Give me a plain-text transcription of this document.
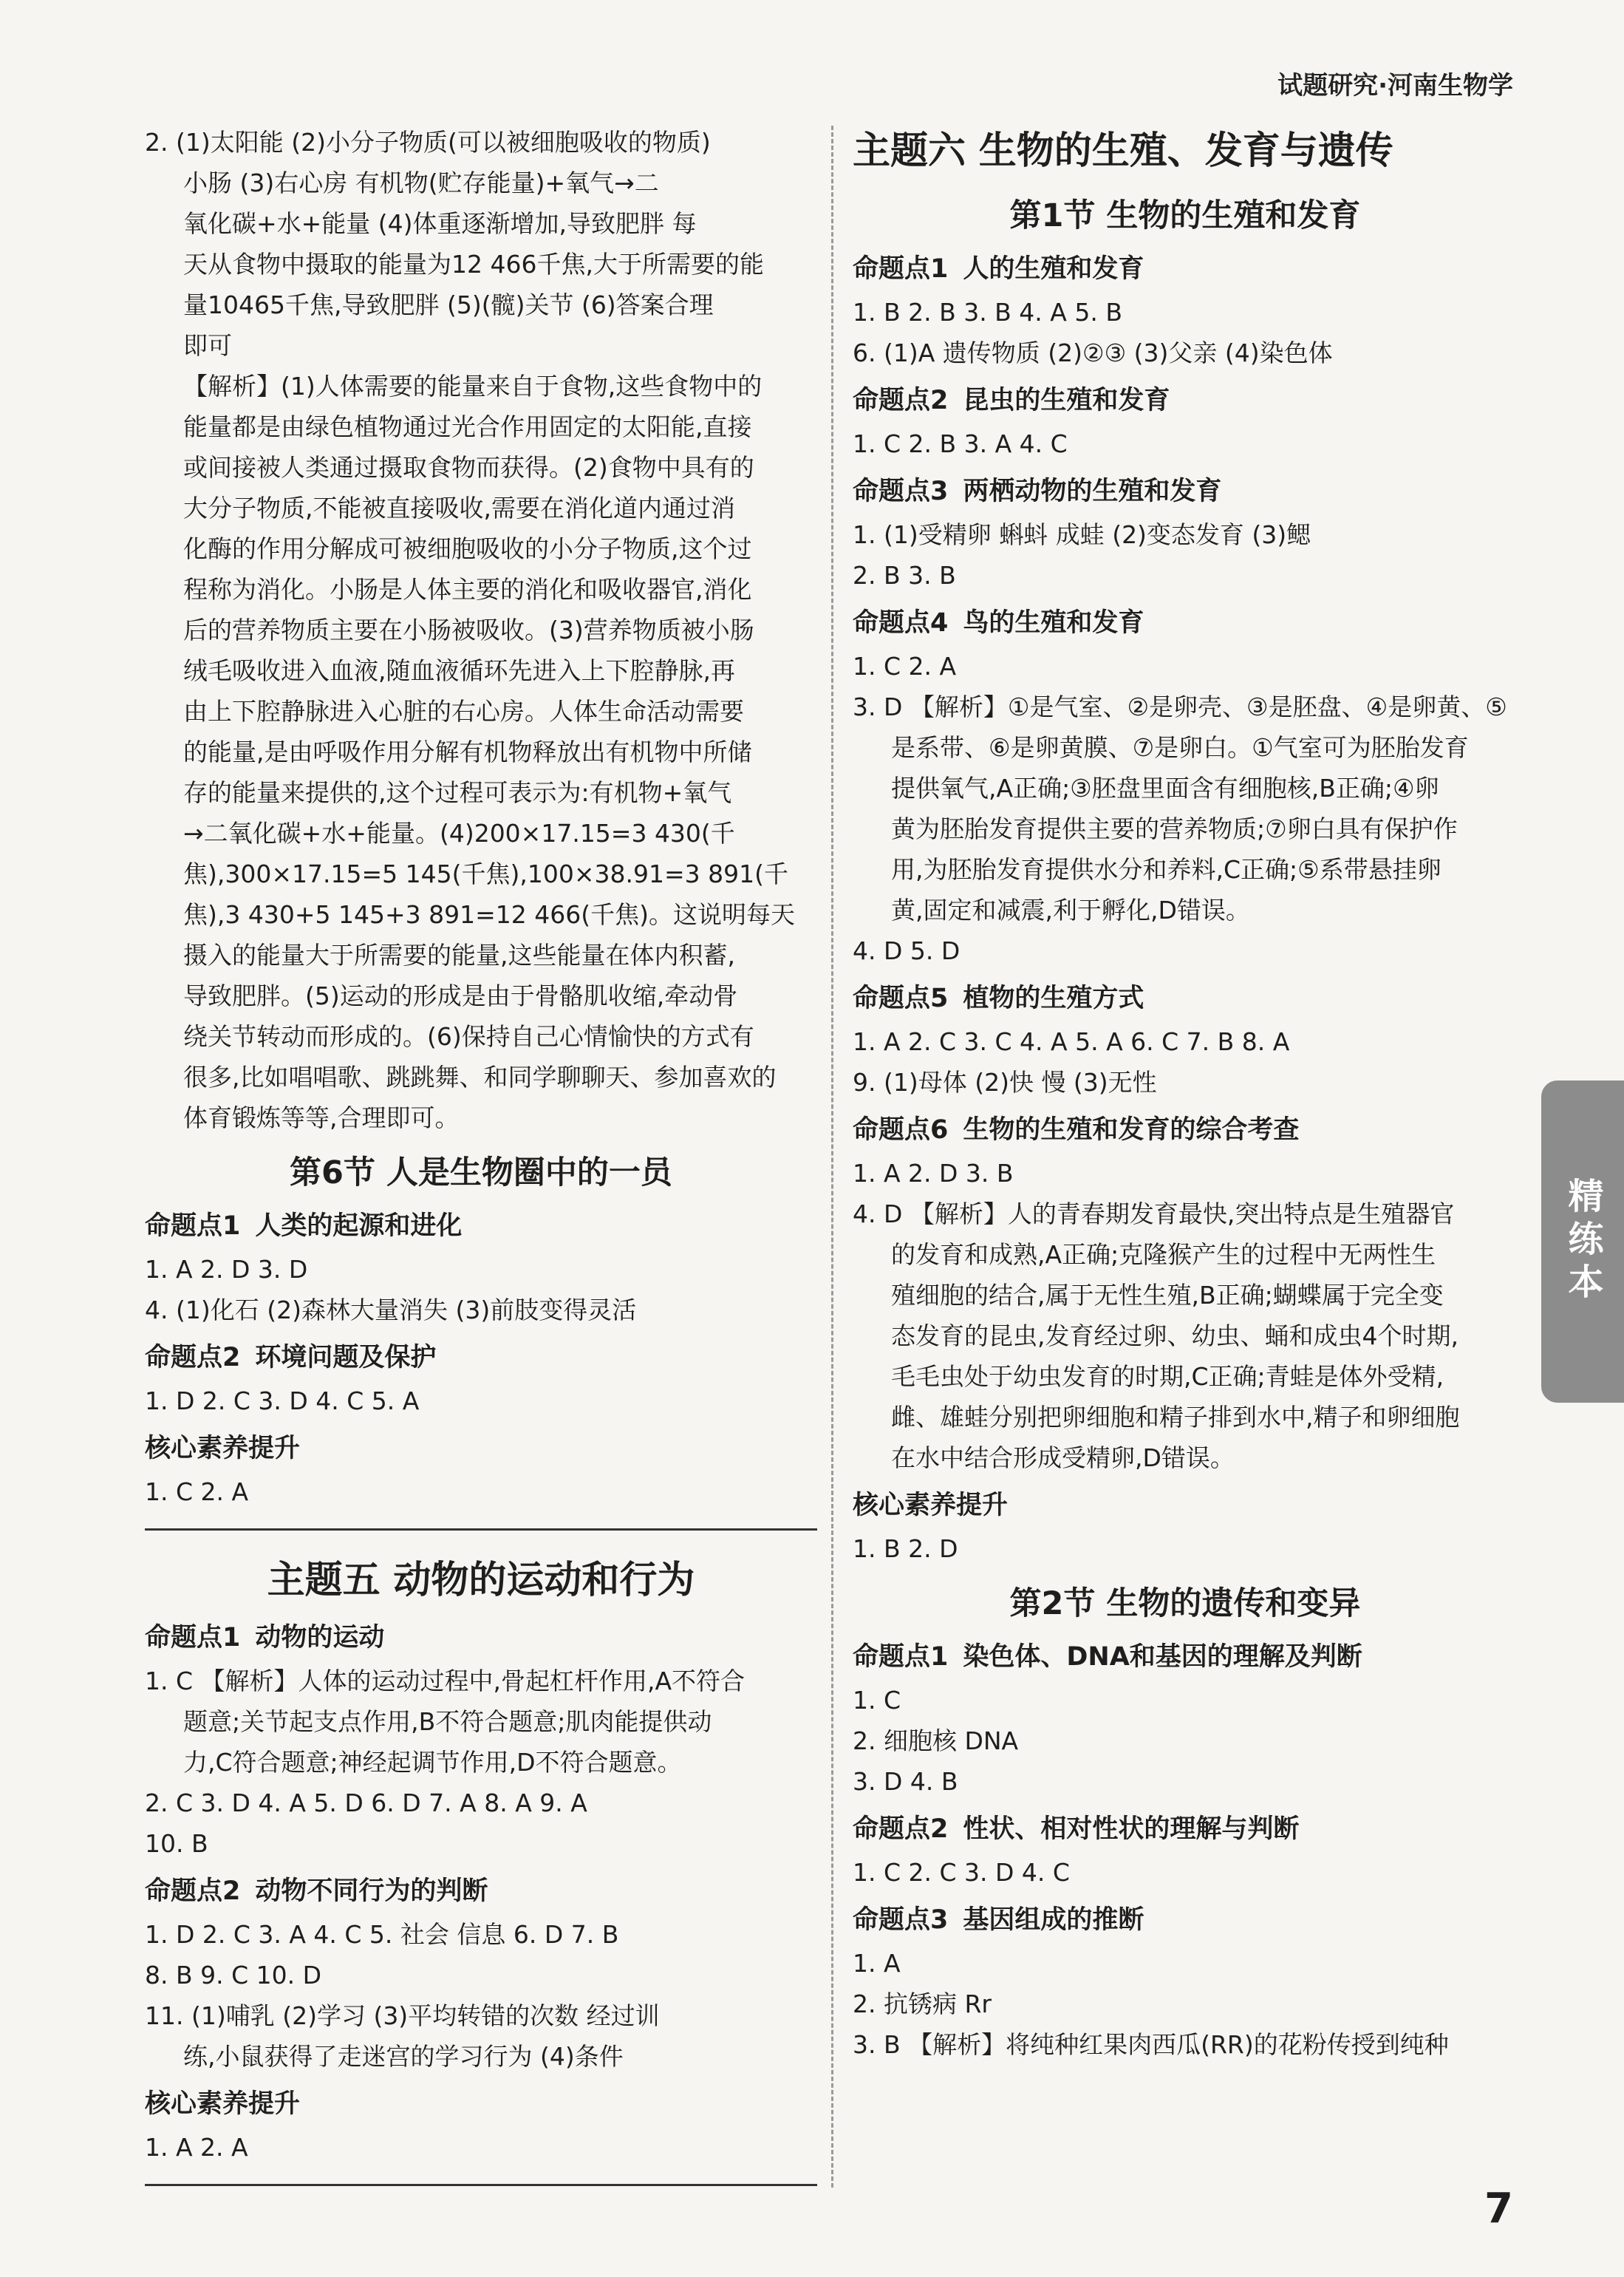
试题研究·河南生物学
2. (1)太阳能 (2)小分子物质(可以被细胞吸收的物质)
小肠 (3)右心房 有机物(贮存能量)+氧气→二
氧化碳+水+能量 (4)体重逐渐增加,导致肥胖 每
天从食物中摄取的能量为12 466千焦,大于所需要的能
量10465千焦,导致肥胖 (5)(髋)关节 (6)答案合理
即可
【解析】(1)人体需要的能量来自于食物,这些食物中的
能量都是由绿色植物通过光合作用固定的太阳能,直接
或间接被人类通过摄取食物而获得。(2)食物中具有的
大分子物质,不能被直接吸收,需要在消化道内通过消
化酶的作用分解成可被细胞吸收的小分子物质,这个过
程称为消化。小肠是人体主要的消化和吸收器官,消化
后的营养物质主要在小肠被吸收。(3)营养物质被小肠
绒毛吸收进入血液,随血液循环先进入上下腔静脉,再
由上下腔静脉进入心脏的右心房。人体生命活动需要
的能量,是由呼吸作用分解有机物释放出有机物中所储
存的能量来提供的,这个过程可表示为:有机物+氧气
→二氧化碳+水+能量。(4)200×17.15=3 430(千
焦),300×17.15=5 145(千焦),100×38.91=3 891(千
焦),3 430+5 145+3 891=12 466(千焦)。这说明每天
摄入的能量大于所需要的能量,这些能量在体内积蓄,
导致肥胖。(5)运动的形成是由于骨骼肌收缩,牵动骨
绕关节转动而形成的。(6)保持自己心情愉快的方式有
很多,比如唱唱歌、跳跳舞、和同学聊聊天、参加喜欢的
体育锻炼等等,合理即可。
第6节 人是生物圈中的一员
命题点1 人类的起源和进化
1. A 2. D 3. D
4. (1)化石 (2)森林大量消失 (3)前肢变得灵活
命题点2 环境问题及保护
1. D 2. C 3. D 4. C 5. A
核心素养提升
1. C 2. A
主题五 动物的运动和行为
命题点1 动物的运动
1. C 【解析】人体的运动过程中,骨起杠杆作用,A不符合
题意;关节起支点作用,B不符合题意;肌肉能提供动
力,C符合题意;神经起调节作用,D不符合题意。
2. C 3. D 4. A 5. D 6. D 7. A 8. A 9. A
10. B
命题点2 动物不同行为的判断
1. D 2. C 3. A 4. C 5. 社会 信息 6. D 7. B
8. B 9. C 10. D
11. (1)哺乳 (2)学习 (3)平均转错的次数 经过训
练,小鼠获得了走迷宫的学习行为 (4)条件
核心素养提升
1. A 2. A
主题六 生物的生殖、发育与遗传
第1节 生物的生殖和发育
命题点1 人的生殖和发育
1. B 2. B 3. B 4. A 5. B
6. (1)A 遗传物质 (2)②③ (3)父亲 (4)染色体
命题点2 昆虫的生殖和发育
1. C 2. B 3. A 4. C
命题点3 两栖动物的生殖和发育
1. (1)受精卵 蝌蚪 成蛙 (2)变态发育 (3)鳃
2. B 3. B
命题点4 鸟的生殖和发育
1. C 2. A
3. D 【解析】①是气室、②是卵壳、③是胚盘、④是卵黄、⑤
是系带、⑥是卵黄膜、⑦是卵白。①气室可为胚胎发育
提供氧气,A正确;③胚盘里面含有细胞核,B正确;④卵
黄为胚胎发育提供主要的营养物质;⑦卵白具有保护作
用,为胚胎发育提供水分和养料,C正确;⑤系带悬挂卵
黄,固定和减震,利于孵化,D错误。
4. D 5. D
命题点5 植物的生殖方式
1. A 2. C 3. C 4. A 5. A 6. C 7. B 8. A
9. (1)母体 (2)快 慢 (3)无性
命题点6 生物的生殖和发育的综合考查
1. A 2. D 3. B
4. D 【解析】人的青春期发育最快,突出特点是生殖器官
的发育和成熟,A正确;克隆猴产生的过程中无两性生
殖细胞的结合,属于无性生殖,B正确;蝴蝶属于完全变
态发育的昆虫,发育经过卵、幼虫、蛹和成虫4个时期,
毛毛虫处于幼虫发育的时期,C正确;青蛙是体外受精,
雌、雄蛙分别把卵细胞和精子排到水中,精子和卵细胞
在水中结合形成受精卵,D错误。
核心素养提升
1. B 2. D
第2节 生物的遗传和变异
命题点1 染色体、DNA和基因的理解及判断
1. C
2. 细胞核 DNA
3. D 4. B
命题点2 性状、相对性状的理解与判断
1. C 2. C 3. D 4. C
命题点3 基因组成的推断
1. A
2. 抗锈病 Rr
3. B 【解析】将纯种红果肉西瓜(RR)的花粉传授到纯种
精练本
7
